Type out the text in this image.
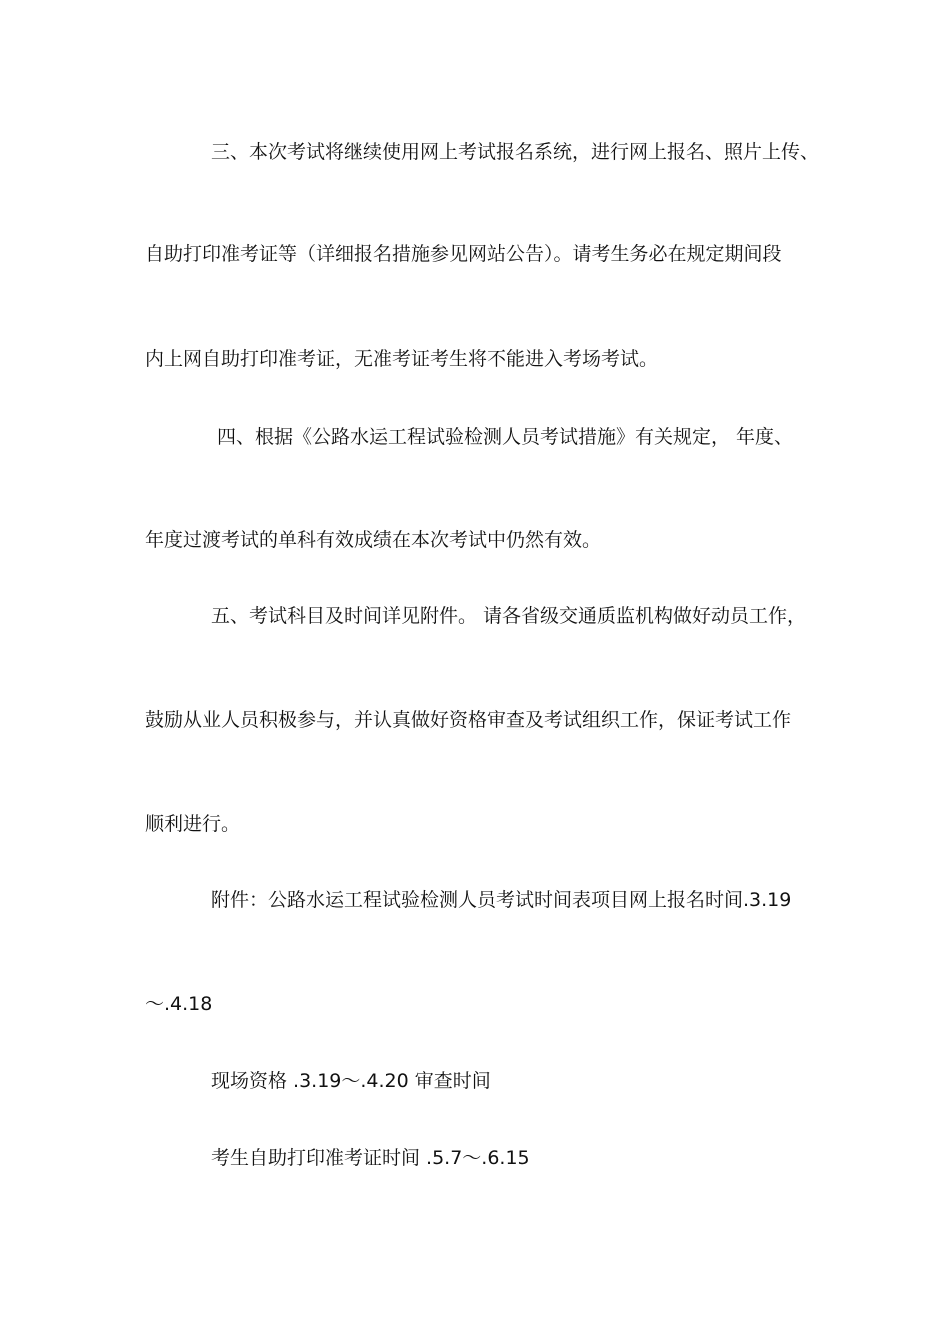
三、本次考试将继续使用网上考试报名系统，进行网上报名、照片上传、
自助打印准考证等（详细报名措施参见网站公告）。请考生务必在规定期间段
内上网自助打印准考证，无准考证考生将不能进入考场考试。
四、根据《公路水运工程试验检测人员考试措施》有关规定， 年度、
年度过渡考试的单科有效成绩在本次考试中仍然有效。
五、考试科目及时间详见附件。 请各省级交通质监机构做好动员工作，
鼓励从业人员积极参与，并认真做好资格审查及考试组织工作，保证考试工作
顺利进行。
附件：公路水运工程试验检测人员考试时间表项目网上报名时间.3.19
～.4.18
现场资格 .3.19～.4.20 审查时间
考生自助打印准考证时间 .5.7～.6.15
